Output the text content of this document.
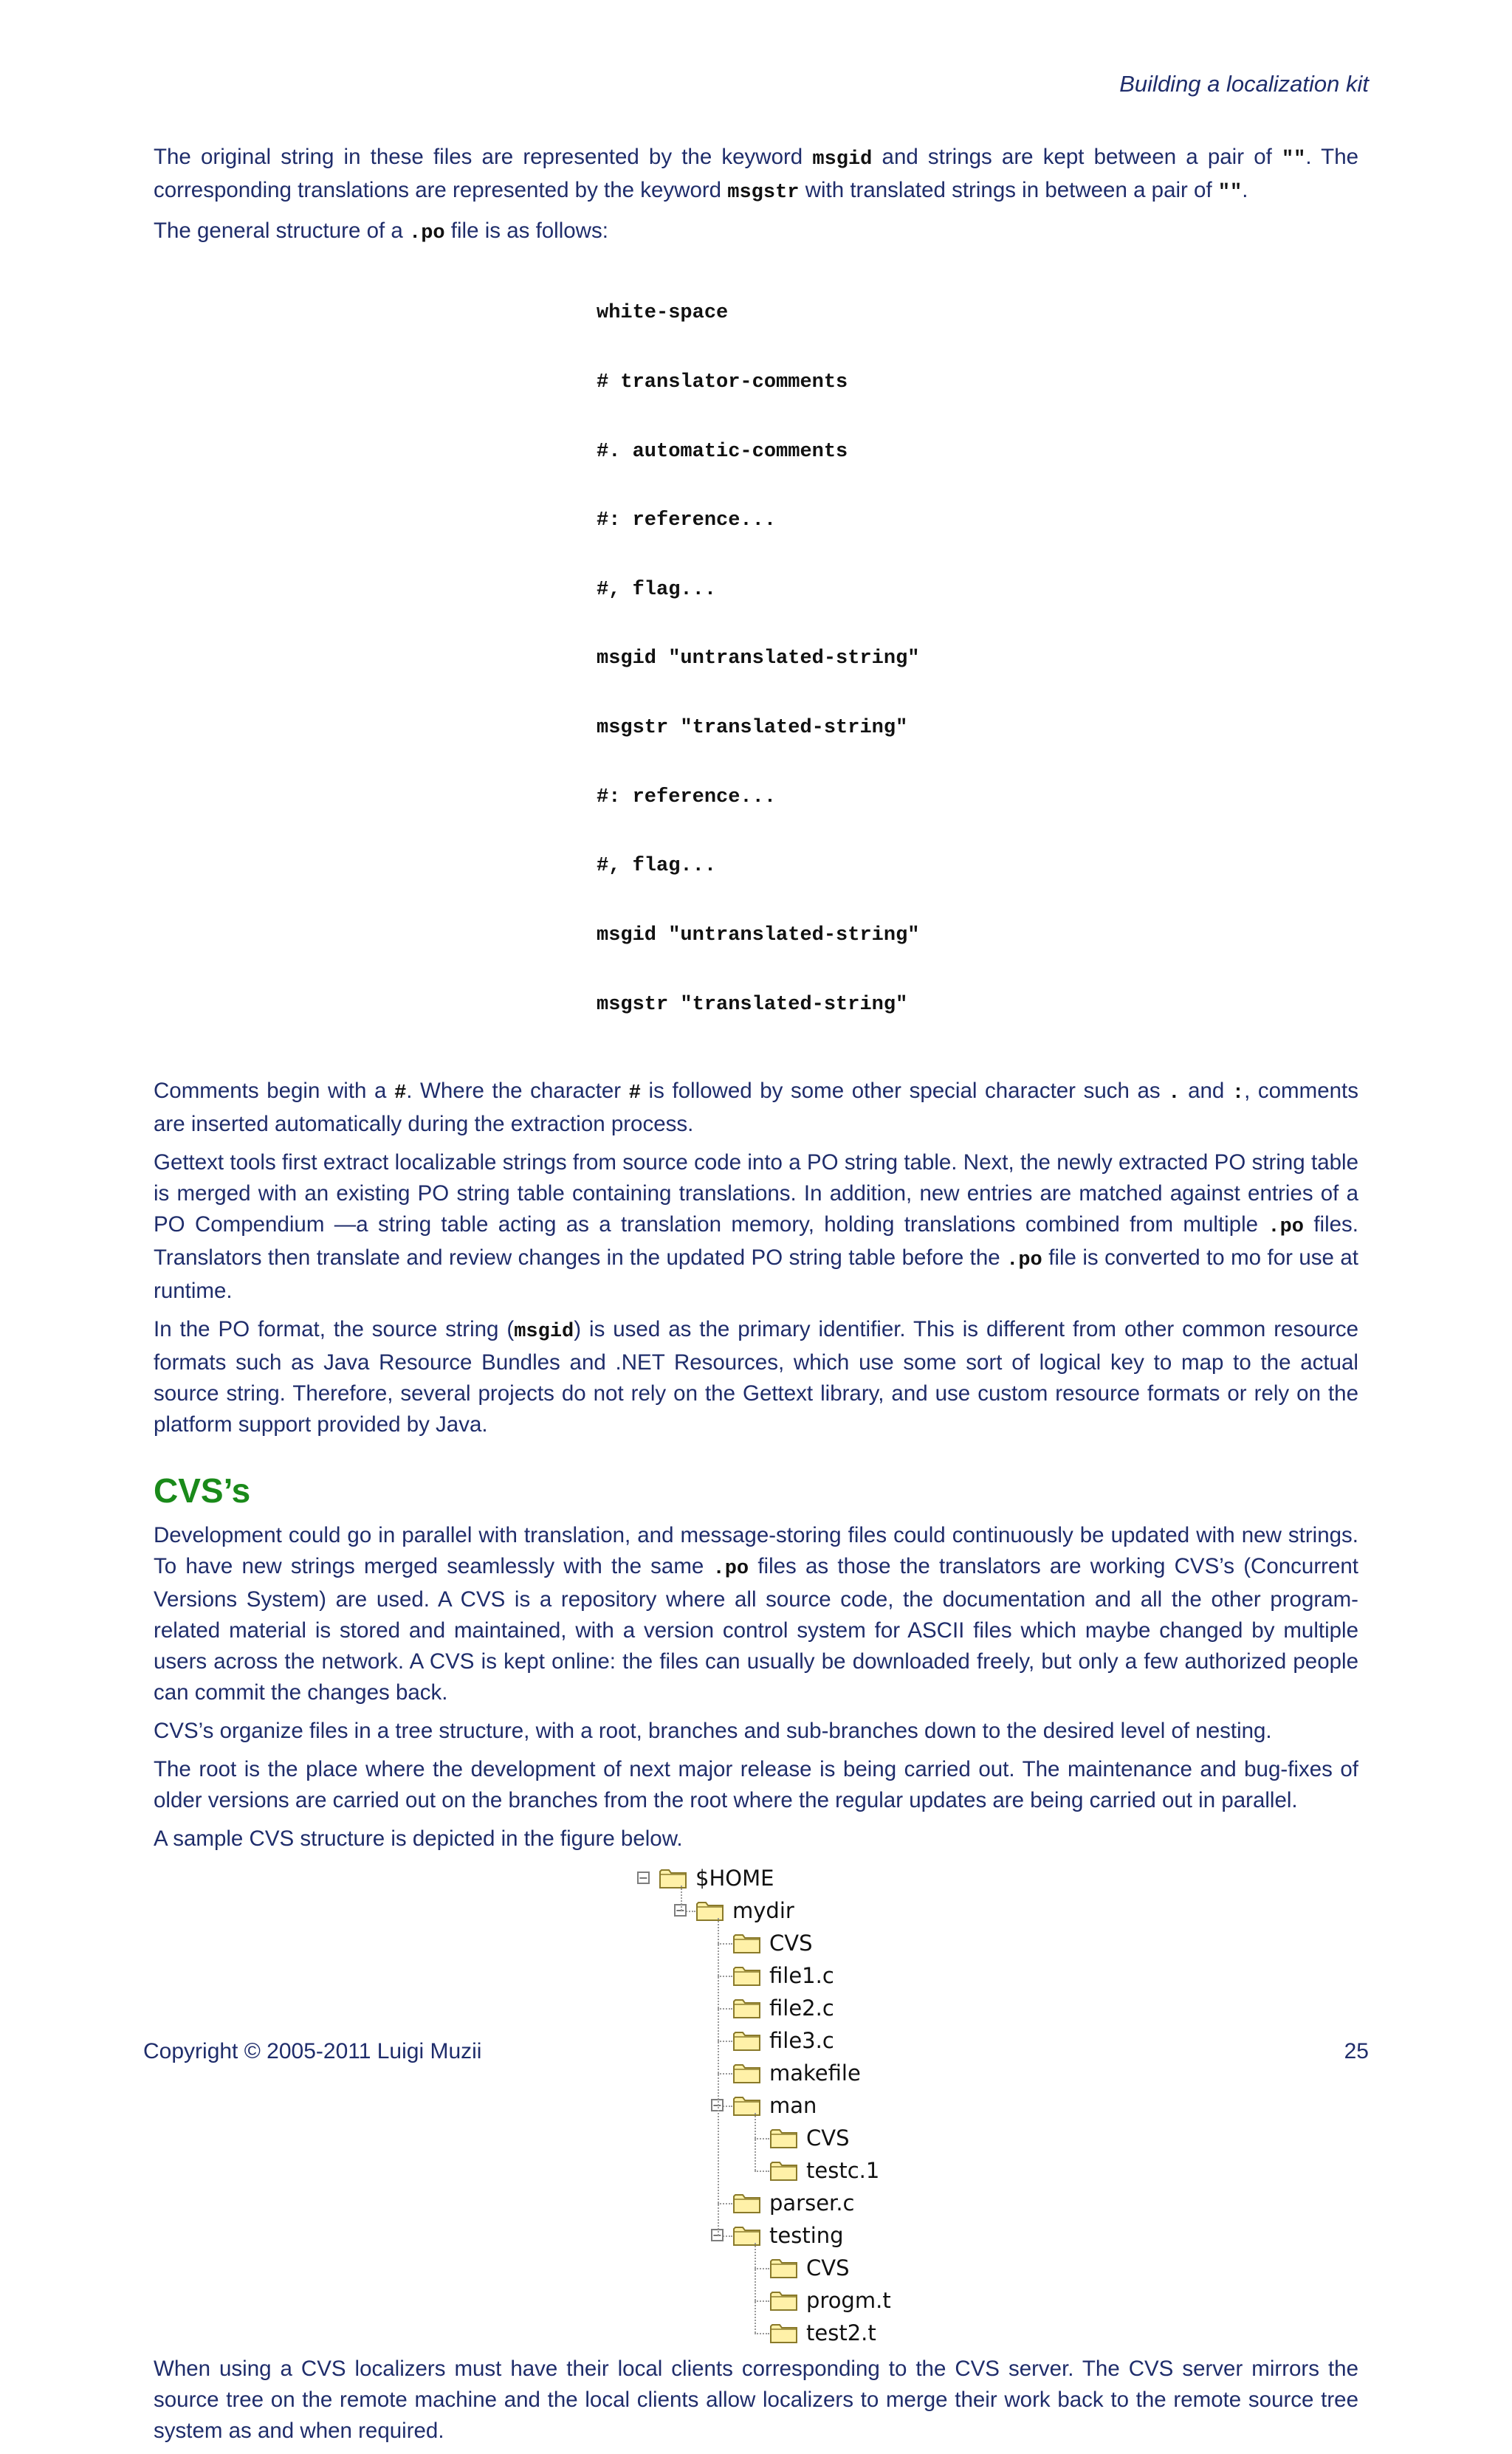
Building a localization kit

The original string in these files are represented by the keyword msgid and strings are kept between a pair of "". The corresponding translations are represented by the keyword msgstr with translated strings in between a pair of "".

The general structure of a .po file is as follows:

white-space

# translator-comments

#. automatic-comments

#: reference...

#, flag...

msgid "untranslated-string"

msgstr "translated-string"

#: reference...

#, flag...

msgid "untranslated-string"

msgstr "translated-string"

Comments begin with a #. Where the character # is followed by some other special character such as . and :, comments are inserted automatically during the extraction process.

Gettext tools first extract localizable strings from source code into a PO string table. Next, the newly extracted PO string table is merged with an existing PO string table containing translations. In addition, new entries are matched against entries of a PO Compendium —a string table acting as a translation memory, holding translations combined from multiple .po files. Translators then translate and review changes in the updated PO string table before the .po file is converted to mo for use at runtime.

In the PO format, the source string (msgid) is used as the primary identifier. This is different from other common resource formats such as Java Resource Bundles and .NET Resources, which use some sort of logical key to map to the actual source string. Therefore, several projects do not rely on the Gettext library, and use custom resource formats or rely on the platform support provided by Java.

CVS’s

Development could go in parallel with translation, and message-storing files could continuously be updated with new strings. To have new strings merged seamlessly with the same .po files as those the translators are working CVS’s (Concurrent Versions System) are used. A CVS is a repository where all source code, the documentation and all the other program-related material is stored and maintained, with a version control system for ASCII files which maybe changed by multiple users across the network. A CVS is kept online: the files can usually be downloaded freely, but only a few authorized people can commit the changes back.

CVS’s organize files in a tree structure, with a root, branches and sub-branches down to the desired level of nesting.

The root is the place where the development of next major release is being carried out. The maintenance and bug-fixes of older versions are carried out on the branches from the root where the regular updates are being carried out in parallel.

A sample CVS structure is depicted in the figure below.

$HOME
−
mydir
−
CVS
file1.c
file2.c
file3.c
makefile
man
−
CVS
testc.1
parser.c
testing
−
CVS
progm.t
test2.t

When using a CVS localizers must have their local clients corresponding to the CVS server. The CVS server mirrors the source tree on the remote machine and the local clients allow localizers to merge their work back to the remote source tree system as and when required.

Copyright © 2005-2011 Luigi Muzii	25
